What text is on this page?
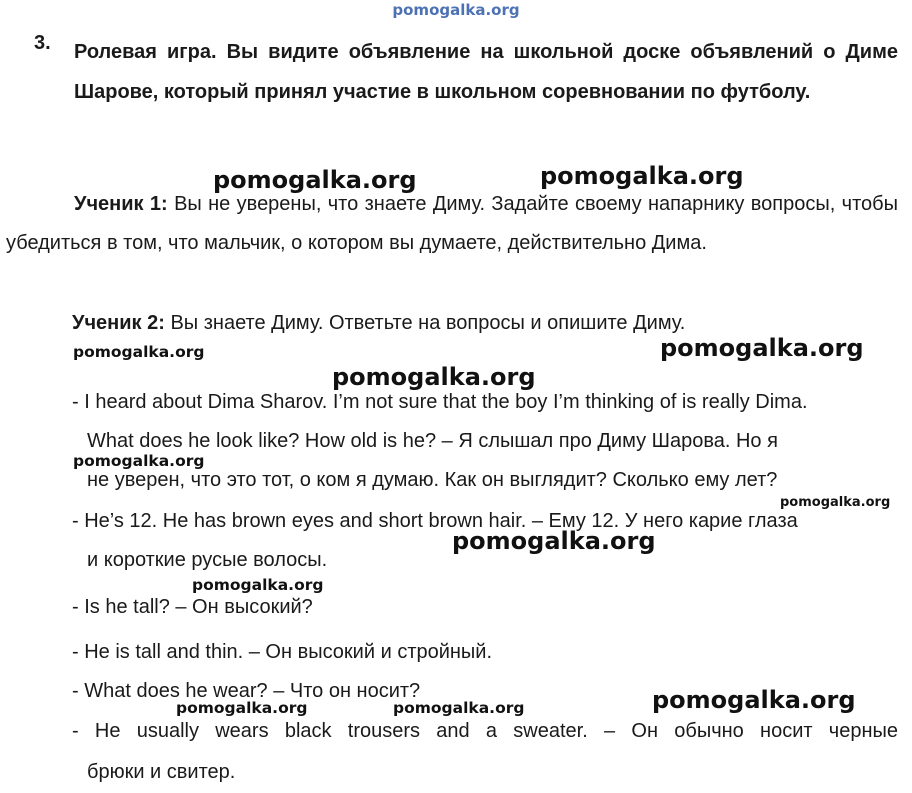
pomogalka.org
3. Ролевая игра. Вы видите объявление на школьной доске объявлений о Диме Шарове, который принял участие в школьном соревновании по футболу.
Ученик 1: Вы не уверены, что знаете Диму. Задайте своему напарнику вопросы, чтобы убедиться в том, что мальчик, о котором вы думаете, действительно Дима.
Ученик 2: Вы знаете Диму. Ответьте на вопросы и опишите Диму.
- I heard about Dima Sharov. I’m not sure that the boy I’m thinking of is really Dima.
What does he look like? How old is he? – Я слышал про Диму Шарова. Но я
не уверен, что это тот, о ком я думаю. Как он выглядит? Сколько ему лет?
- He’s 12. He has brown eyes and short brown hair. – Ему 12. У него карие глаза
и короткие русые волосы.
- Is he tall? – Он высокий?
- He is tall and thin. – Он высокий и стройный.
- What does he wear? – Что он носит?
- He usually wears black trousers and a sweater. – Он обычно носит черные
брюки и свитер.
pomogalka.org	pomogalka.org
pomogalka.org	pomogalka.org
pomogalka.org
pomogalka.org
pomogalka.org
pomogalka.org
pomogalka.org
pomogalka.org
pomogalka.org	pomogalka.org
